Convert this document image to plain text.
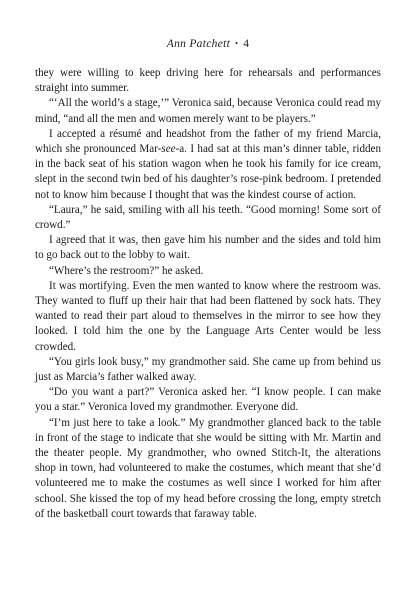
Ann Patchett • 4

they were willing to keep driving here for rehearsals and performances straight into summer.

“‘All the world’s a stage,’” Veronica said, because Veronica could read my mind, “and all the men and women merely want to be players.”

I accepted a résumé and headshot from the father of my friend Marcia, which she pronounced Mar-see-a. I had sat at this man’s dinner table, ridden in the back seat of his station wagon when he took his family for ice cream, slept in the second twin bed of his daughter’s rose-pink bedroom. I pretended not to know him because I thought that was the kindest course of action.

“Laura,” he said, smiling with all his teeth. “Good morning! Some sort of crowd.”

I agreed that it was, then gave him his number and the sides and told him to go back out to the lobby to wait.

“Where’s the restroom?” he asked.

It was mortifying. Even the men wanted to know where the restroom was. They wanted to fluff up their hair that had been flattened by sock hats. They wanted to read their part aloud to themselves in the mirror to see how they looked. I told him the one by the Language Arts Center would be less crowded.

“You girls look busy,” my grandmother said. She came up from behind us just as Marcia’s father walked away.

“Do you want a part?” Veronica asked her. “I know people. I can make you a star.” Veronica loved my grandmother. Everyone did.

“I’m just here to take a look.” My grandmother glanced back to the table in front of the stage to indicate that she would be sitting with Mr. Martin and the theater people. My grandmother, who owned Stitch-It, the alterations shop in town, had volunteered to make the costumes, which meant that she’d volunteered me to make the costumes as well since I worked for him after school. She kissed the top of my head before crossing the long, empty stretch of the basketball court towards that faraway table.
